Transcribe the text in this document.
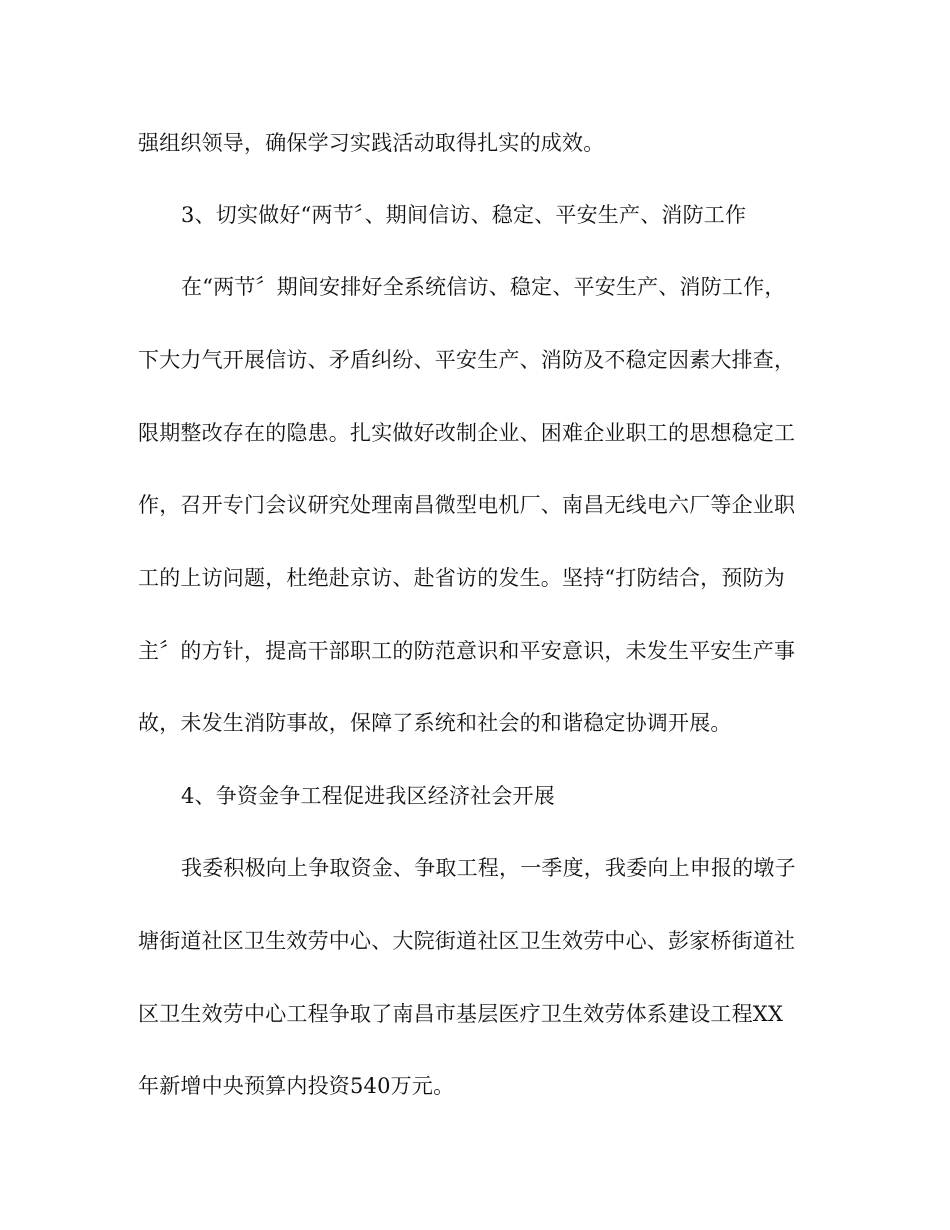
强组织领导，确保学习实践活动取得扎实的成效。
3、切实做好“两节〞、期间信访、稳定、平安生产、消防工作
在“两节〞期间安排好全系统信访、稳定、平安生产、消防工作，
下大力气开展信访、矛盾纠纷、平安生产、消防及不稳定因素大排查，
限期整改存在的隐患。扎实做好改制企业、困难企业职工的思想稳定工
作，召开专门会议研究处理南昌微型电机厂、南昌无线电六厂等企业职
工的上访问题，杜绝赴京访、赴省访的发生。坚持“打防结合，预防为
主〞的方针，提高干部职工的防范意识和平安意识，未发生平安生产事
故，未发生消防事故，保障了系统和社会的和谐稳定协调开展。
4、争资金争工程促进我区经济社会开展
我委积极向上争取资金、争取工程，一季度，我委向上申报的墩子
塘街道社区卫生效劳中心、大院街道社区卫生效劳中心、彭家桥街道社
区卫生效劳中心工程争取了南昌市基层医疗卫生效劳体系建设工程XX
年新增中央预算内投资540万元。
